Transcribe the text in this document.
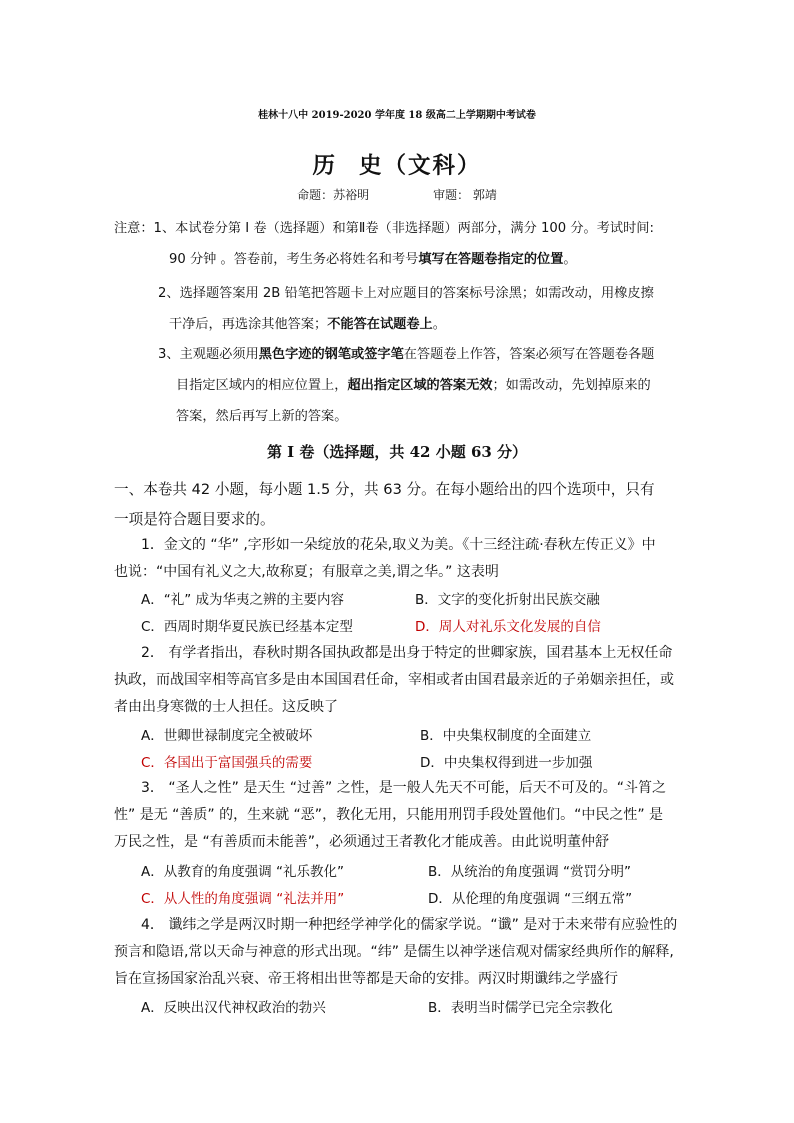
桂林十八中 2019-2020 学年度 18 级高二上学期期中考试卷
历 史（文科）
命题：苏裕明	审题： 郭靖
注意：1、本试卷分第 I 卷（选择题）和第Ⅱ卷（非选择题）两部分，满分 100 分。考试时间:
90 分钟 。答卷前，考生务必将姓名和考号填写在答题卷指定的位置。
2、选择题答案用 2B 铅笔把答题卡上对应题目的答案标号涂黑；如需改动，用橡皮擦
干净后，再选涂其他答案；不能答在试题卷上。
3、主观题必须用黑色字迹的钢笔或签字笔在答题卷上作答，答案必须写在答题卷各题
目指定区域内的相应位置上，超出指定区域的答案无效；如需改动，先划掉原来的
答案，然后再写上新的答案。
第 I 卷（选择题，共 42 小题 63 分）
一、本卷共 42 小题，每小题 1.5 分，共 63 分。在每小题给出的四个选项中，只有
一项是符合题目要求的。
1．金文的 “华” ,字形如一朵绽放的花朵,取义为美。《十三经注疏·春秋左传正义》中
也说：“中国有礼义之大,故称夏；有服章之美,谓之华。” 这表明
A．“礼” 成为华夷之辨的主要内容	B．文字的变化折射出民族交融
C．西周时期华夏民族已经基本定型	D．周人对礼乐文化发展的自信
2． 有学者指出，春秋时期各国执政都是出身于特定的世卿家族，国君基本上无权任命
执政，而战国宰相等高官多是由本国国君任命，宰相或者由国君最亲近的子弟姻亲担任，或
者由出身寒微的士人担任。这反映了
A．世卿世禄制度完全被破坏	B．中央集权制度的全面建立
C．各国出于富国强兵的需要	D．中央集权得到进一步加强
3． “圣人之性” 是天生 “过善” 之性，是一般人先天不可能，后天不可及的。“斗筲之
性” 是无 “善质” 的，生来就 “恶”，教化无用，只能用刑罚手段处置他们。“中民之性” 是
万民之性，是 “有善质而未能善”，必须通过王者教化才能成善。由此说明董仲舒
A．从教育的角度强调 “礼乐教化”	B．从统治的角度强调 “赏罚分明”
C．从人性的角度强调 “礼法并用”	D．从伦理的角度强调 “三纲五常”
4． 谶纬之学是两汉时期一种把经学神学化的儒家学说。“谶” 是对于未来带有应验性的
预言和隐语,常以天命与神意的形式出现。“纬” 是儒生以神学迷信观对儒家经典所作的解释,
旨在宣扬国家治乱兴衰、帝王将相出世等都是天命的安排。两汉时期谶纬之学盛行
A．反映出汉代神权政治的勃兴	B．表明当时儒学已完全宗教化
